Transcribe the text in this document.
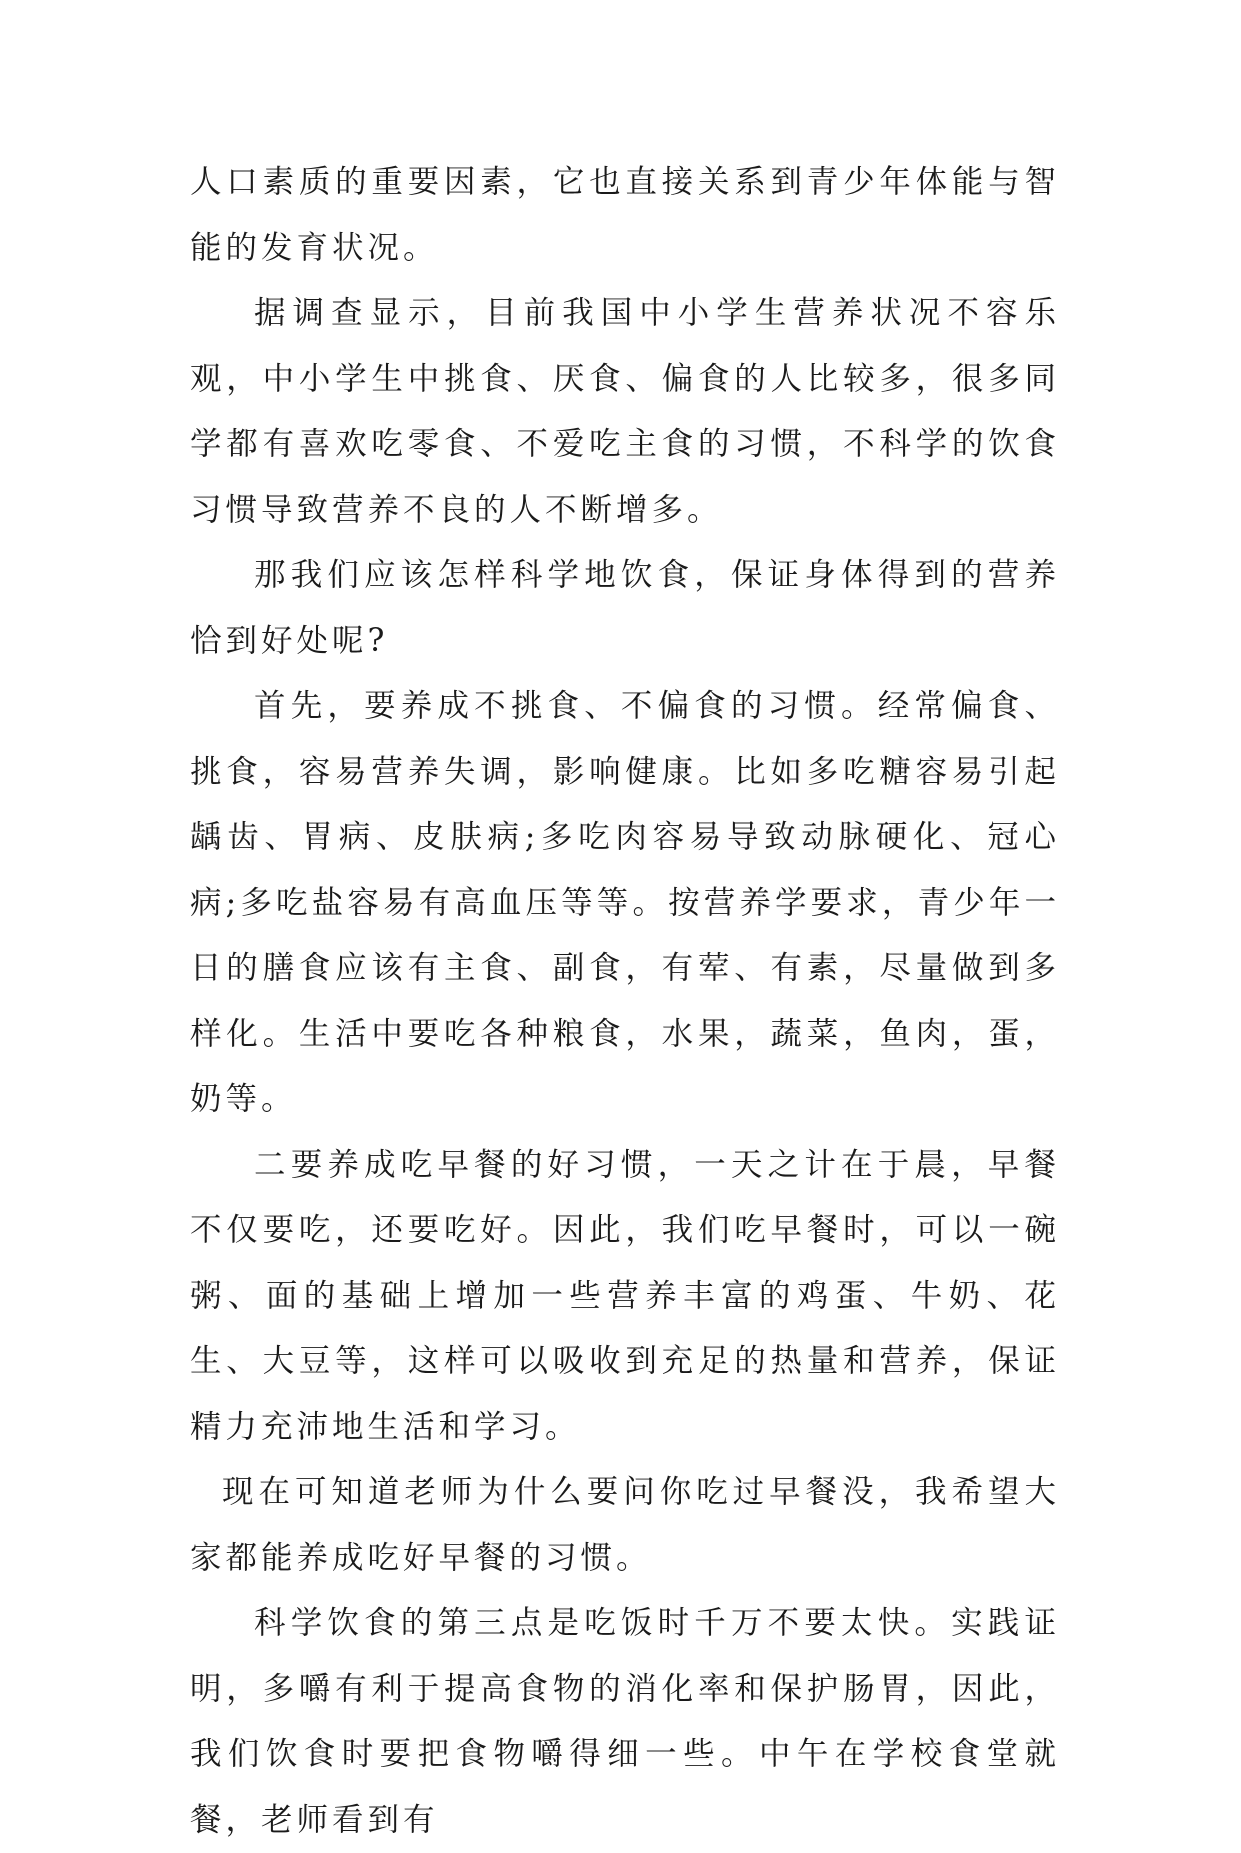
人口素质的重要因素，它也直接关系到青少年体能与智能的发育状况。

据调查显示，目前我国中小学生营养状况不容乐观，中小学生中挑食、厌食、偏食的人比较多，很多同学都有喜欢吃零食、不爱吃主食的习惯，不科学的饮食习惯导致营养不良的人不断增多。

那我们应该怎样科学地饮食，保证身体得到的营养恰到好处呢?

首先，要养成不挑食、不偏食的习惯。经常偏食、挑食，容易营养失调，影响健康。比如多吃糖容易引起龋齿、胃病、皮肤病;多吃肉容易导致动脉硬化、冠心病;多吃盐容易有高血压等等。按营养学要求，青少年一日的膳食应该有主食、副食，有荤、有素，尽量做到多样化。生活中要吃各种粮食，水果，蔬菜，鱼肉，蛋，奶等。

二要养成吃早餐的好习惯，一天之计在于晨，早餐不仅要吃，还要吃好。因此，我们吃早餐时，可以一碗粥、面的基础上增加一些营养丰富的鸡蛋、牛奶、花生、大豆等，这样可以吸收到充足的热量和营养，保证精力充沛地生活和学习。

现在可知道老师为什么要问你吃过早餐没，我希望大家都能养成吃好早餐的习惯。

科学饮食的第三点是吃饭时千万不要太快。实践证明，多嚼有利于提高食物的消化率和保护肠胃，因此，我们饮食时要把食物嚼得细一些。中午在学校食堂就餐，老师看到有
